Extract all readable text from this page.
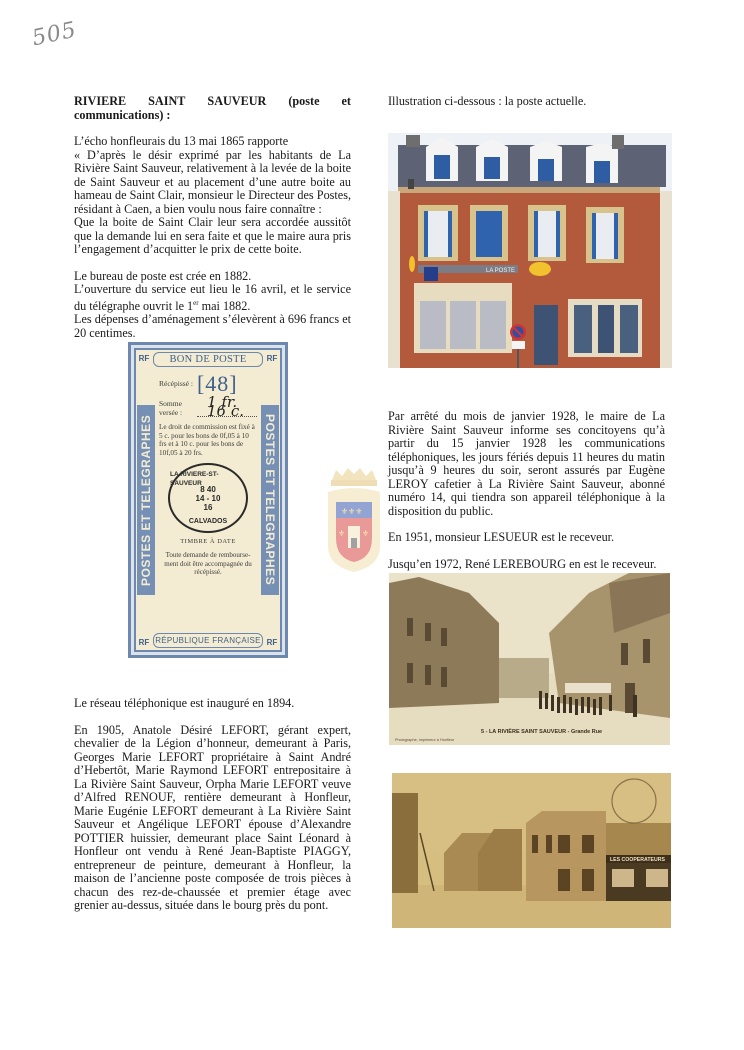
505
RIVIERE SAINT SAUVEUR (poste et
communications) :

L’écho honfleurais du 13 mai 1865 rapporte

« D’après le désir exprimé par les habitants de La Rivière Saint Sauveur, relativement à la levée de la boite de Saint Sauveur et au placement d’une autre boite au hameau de Saint Clair, monsieur le Directeur des Postes, résidant à Caen, a bien voulu nous faire connaître :

Que la boite de Saint Clair leur sera accordée aussitôt que la demande lui en sera faite et que le maire aura pris l’engagement d’acquitter le prix de cette boite.

Le bureau de poste est crée en 1882.

L’ouverture du service eut lieu le 16 avril, et le service du télégraphe ouvrit le 1er mai 1882.

Les dépenses d’aménagement s’élevèrent à 696 francs et 20 centimes.

RF	RF
RF	RF
BON DE POSTE
POSTES ET TELEGRAPHES	POSTES ET TELEGRAPHES
Récépissé : [48]
Somme versée :
1 fr. 16 c.
Le droit de commission est fixé à 5 c. pour les bons de 0f,05 à 10 frs et à 10 c. pour les bons de 10f,05 à 20 frs.
LA RIVIERE-ST-SAUVEUR
8 40
14 - 10
16
CALVADOS
TIMBRE À DATE
Toute demande de rembourse-ment doit être accompagnée du récépissé.
RÉPUBLIQUE FRANÇAISE
⚜⚜⚜
⚜ ⚜

Le réseau téléphonique est inauguré en 1894.

En 1905, Anatole Désiré LEFORT, gérant expert, chevalier de la Légion d’honneur, demeurant à Paris, Georges Marie LEFORT propriétaire à Saint André d’Hebertôt, Marie Raymond LEFORT entrepositaire à La Rivière Saint Sauveur, Orpha Marie LEFORT veuve d’Alfred RENOUF, rentière demeurant à Honfleur, Marie Eugénie LEFORT demeurant à La Rivière Saint Sauveur et Angélique LEFORT épouse d’Alexandre POTTIER huissier, demeurant place Saint Léonard à Honfleur ont vendu à René Jean-Baptiste PIAGGY, entrepreneur de peinture, demeurant à Honfleur, la maison de l’ancienne poste composée de trois pièces à chacun des rez-de-chaussée et premier étage avec grenier au-dessus, située dans le bourg près du pont.

Illustration ci-dessous : la poste actuelle.
LA POSTE

Par arrêté du mois de janvier 1928, le maire de La Rivière Saint Sauveur informe ses concitoyens qu’à partir du 15 janvier 1928 les communications téléphoniques, les jours fériés depuis 11 heures du matin jusqu’à 9 heures du soir, seront assurés par Eugène LEROY cafetier à La Rivière Saint Sauveur, abonné numéro 14, qui tiendra son appareil téléphonique à la disposition du public.

En 1951, monsieur LESUEUR est le receveur.

Jusqu’en 1972, René LEREBOURG en est le receveur.

5 - LA RIVIÈRE SAINT SAUVEUR - Grande Rue
Photographe, imprimeur à Honfleur
LES COOPERATEURS
